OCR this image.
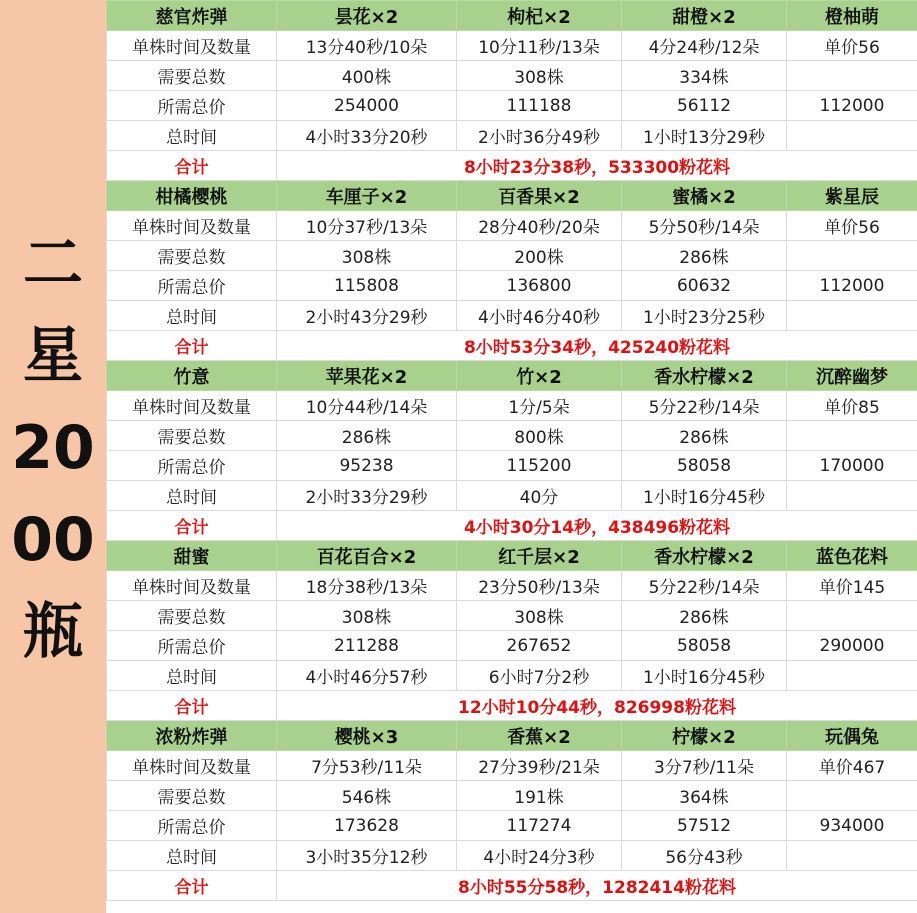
二
星
20
00
瓶
慈官炸弹	昙花×2	枸杞×2	甜橙×2	橙柚萌
单株时间及数量	13分40秒/10朵	10分11秒/13朵	4分24秒/12朵	单价56
需要总数	400株	308株	334株	
所需总价	254000	111188	56112	112000
总时间	4小时33分20秒	2小时36分49秒	1小时13分29秒	
合计	8小时23分38秒，533300粉花料			
柑橘樱桃	车厘子×2	百香果×2	蜜橘×2	紫星辰
单株时间及数量	10分37秒/13朵	28分40秒/20朵	5分50秒/14朵	单价56
需要总数	308株	200株	286株	
所需总价	115808	136800	60632	112000
总时间	2小时43分29秒	4小时46分40秒	1小时23分25秒	
合计	8小时53分34秒，425240粉花料			
竹意	苹果花×2	竹×2	香水柠檬×2	沉醉幽梦
单株时间及数量	10分44秒/14朵	1分/5朵	5分22秒/14朵	单价85
需要总数	286株	800株	286株	
所需总价	95238	115200	58058	170000
总时间	2小时33分29秒	40分	1小时16分45秒	
合计	4小时30分14秒，438496粉花料			
甜蜜	百花百合×2	红千层×2	香水柠檬×2	蓝色花料
单株时间及数量	18分38秒/13朵	23分50秒/13朵	5分22秒/14朵	单价145
需要总数	308株	308株	286株	
所需总价	211288	267652	58058	290000
总时间	4小时46分57秒	6小时7分2秒	1小时16分45秒	
合计	12小时10分44秒，826998粉花料			
浓粉炸弹	樱桃×3	香蕉×2	柠檬×2	玩偶兔
单株时间及数量	7分53秒/11朵	27分39秒/21朵	3分7秒/11朵	单价467
需要总数	546株	191株	364株	
所需总价	173628	117274	57512	934000
总时间	3小时35分12秒	4小时24分3秒	56分43秒	
合计	8小时55分58秒，1282414粉花料			
